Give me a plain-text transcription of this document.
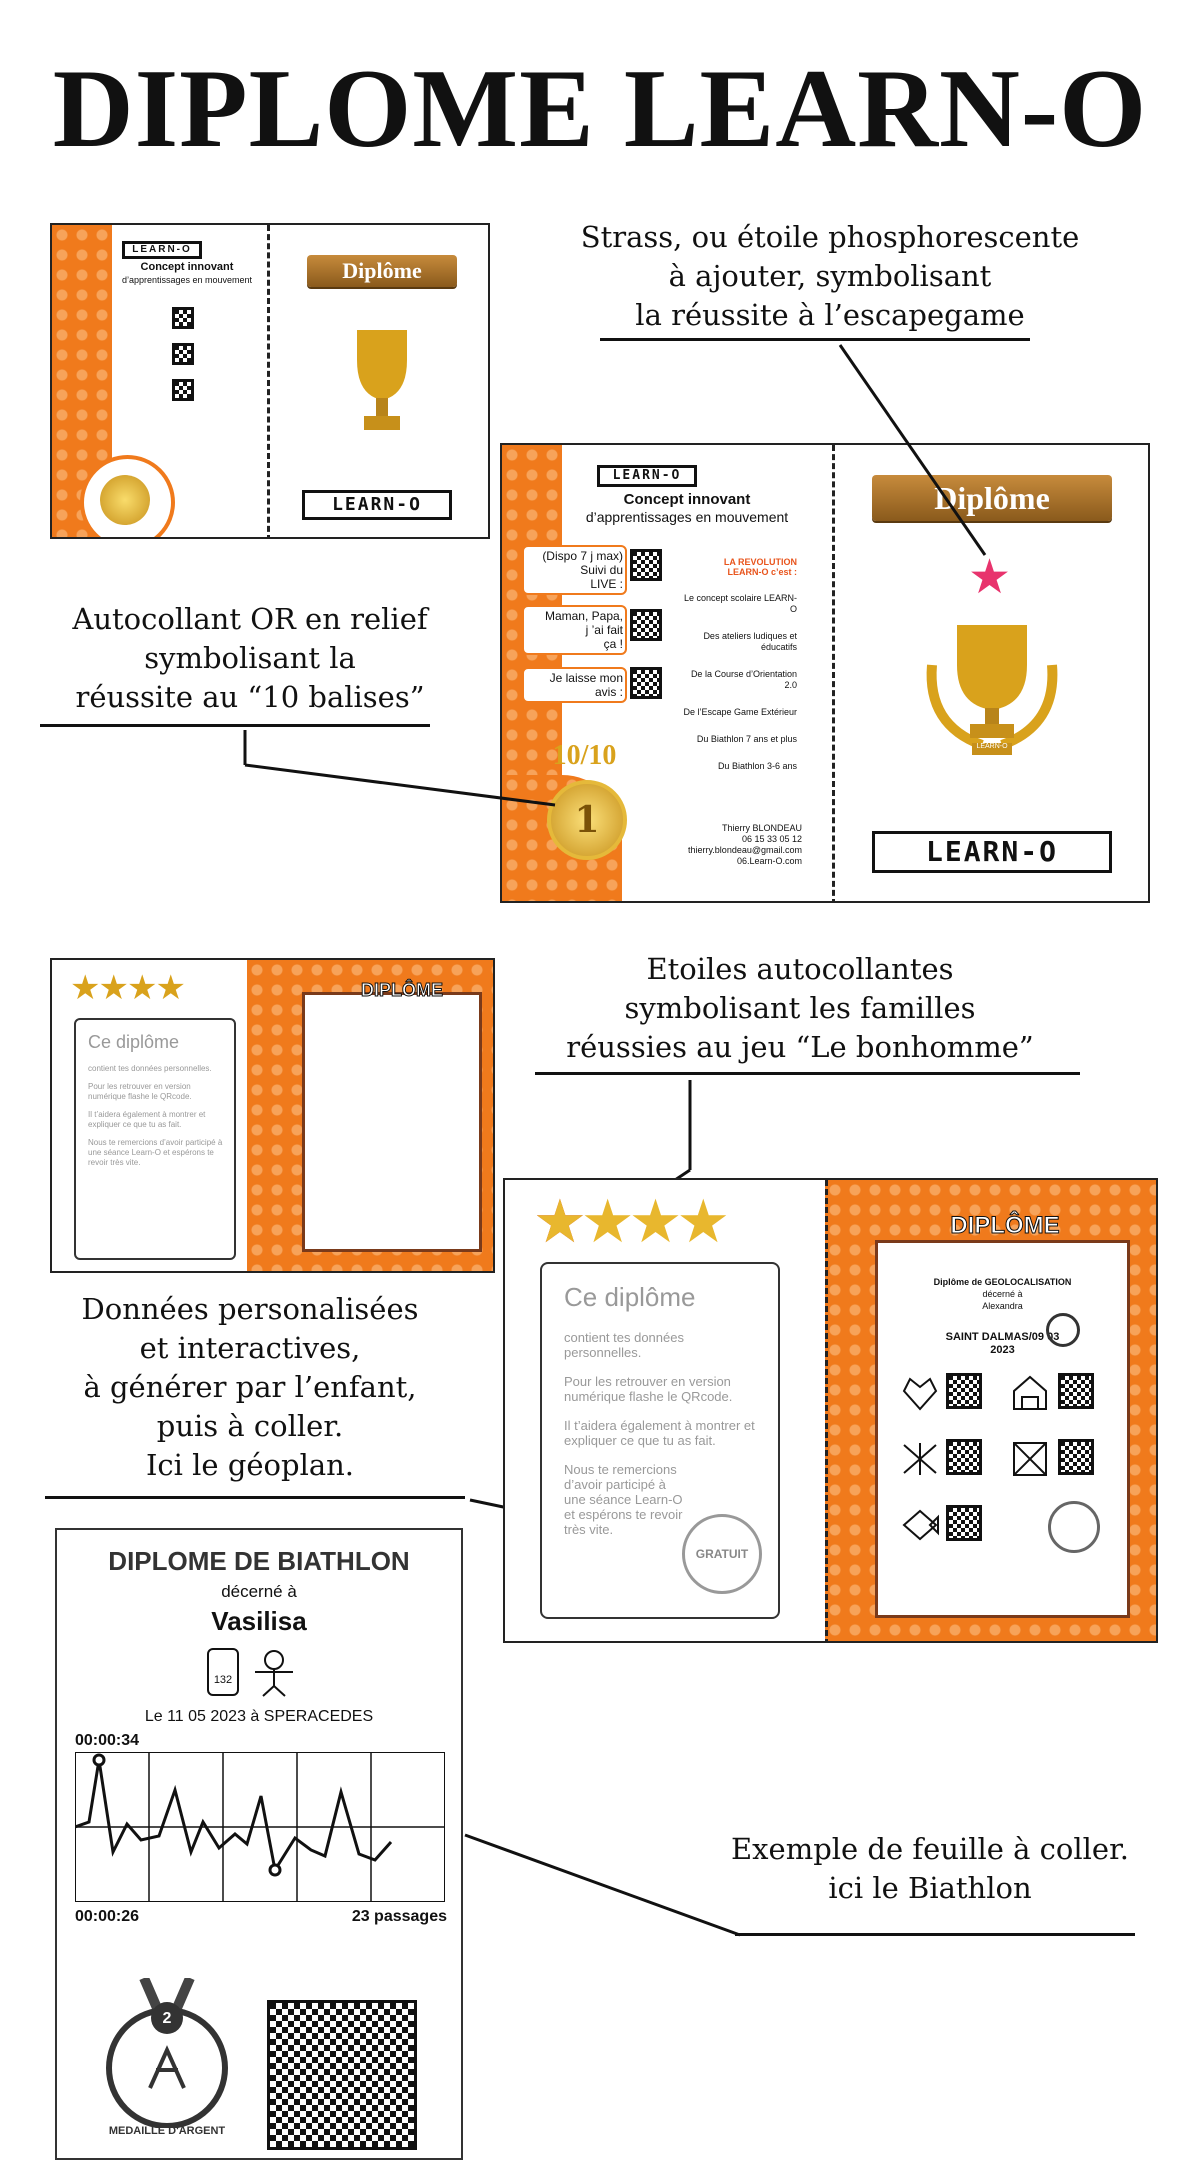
DIPLOME LEARN-O
LEARN-O
Concept innovant
d’apprentissages en mouvement	Diplôme
LEARN-O
Strass, ou étoile phosphorescente
à ajouter, symbolisant
la réussite à l’escapegame
Autocollant OR en relief
symbolisant la
réussite au “10 balises”
LEARN-O
Concept innovant
d’apprentissages en mouvement
(Dispo 7 j max)
Suivi du
LIVE :
Maman, Papa,
j ’ai fait
ça !
Je laisse mon
avis :
LA REVOLUTION
LEARN-O c’est :
Le concept scolaire LEARN-O
Des ateliers ludiques et éducatifs
De la Course d’Orientation 2.0
De l’Escape Game Extérieur
Du Biathlon 7 ans et plus
Du Biathlon 3-6 ans
10/10
1	Thierry BLONDEAU
06 15 33 05 12
thierry.blondeau@gmail.com
06.Learn-O.com
Diplôme
★
LEARN-O
LEARN-O
★★★★
Ce diplôme
contient tes données personnelles.
Pour les retrouver en version numérique flashe le QRcode.
Il t’aidera également à montrer et expliquer ce que tu as fait.
Nous te remercions d’avoir participé à une séance Learn-O et espérons te revoir très vite.
DIPLÔME
Etoiles autocollantes
symbolisant les familles
réussies au jeu “Le bonhomme”
Données personalisées
et interactives,
à générer par l’enfant,
puis à coller.
Ici le géoplan.
★★★★ 4
Ce diplôme
contient tes données personnelles.
Pour les retrouver en version numérique flashe le QRcode.
Il t’aidera également à montrer et expliquer ce que tu as fait.
Nous te remercions d’avoir participé à une séance Learn-O et espérons te revoir très vite.
GRATUIT
Diplôme de GEOLOCALISATION
décerné à
Alexandra
SAINT DALMAS/09 03
2023
DIPLÔME
Exemple de feuille à coller.
ici le Biathlon
DIPLOME DE BIATHLON
décerné à
Vasilisa
132
Le 11 05 2023 à SPERACEDES
00:00:34
00:00:26	23 passages
2
MEDAILLE D'ARGENT
